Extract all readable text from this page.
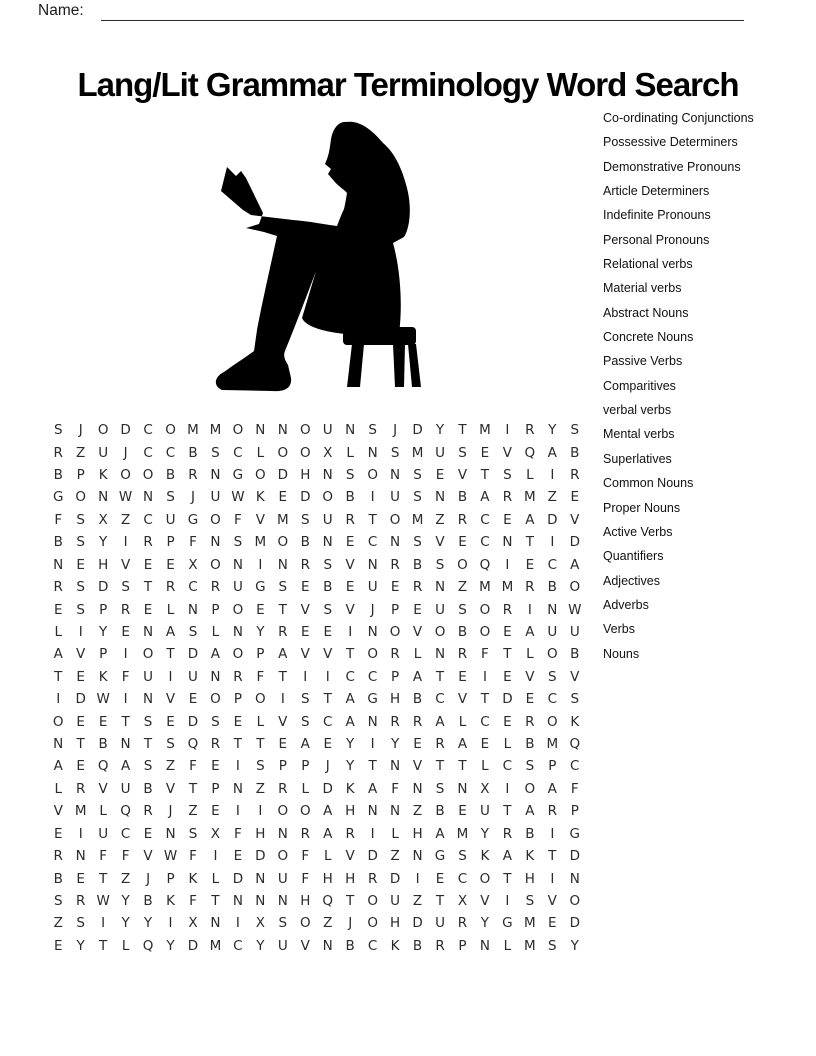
Name:
Lang/Lit Grammar Terminology Word Search
Co-ordinating Conjunctions
Possessive Determiners
Demonstrative Pronouns
Article Determiners
Indefinite Pronouns
Personal Pronouns
Relational verbs
Material verbs
Abstract Nouns
Concrete Nouns
Passive Verbs
Comparitives
verbal verbs
Mental verbs
Superlatives
Common Nouns
Proper Nouns
Active Verbs
Quantifiers
Adjectives
Adverbs
Verbs
Nouns
S	J	O D C O M M O N N O U N S	J	D Y	T M	I	R	Y	S
R Z U	J	C C B	S C	L O O X	L	N S M U S	E	V Q A B
B	P	K O O B R N G O D H N S O N S	E	V	T	S	L	I	R
G O N W N S	J	U W K	E D O B	I	U S N B A R M Z	E
F	S	X Z C U G O F	V M S U R	T O M Z R C E	A D V
B	S	Y	I	R	P	F	N S M O B N E C N S	V	E C N T	I	D
N E H V	E	E	X O N	I	N R S	V N R B	S O Q	I	E C A
R S D S	T	R C R U G S	E	B	E U E	R N Z M M R B O
E	S	P	R E	L	N P O E	T	V	S	V	J	P	E U S O R	I	N W
L	I	Y	E N A	S	L	N Y	R	E	E	I	N O V O B O E	A U U
A V	P	I	O T D A O P	A V V	T O R	L	N R	F	T	L O B
T	E	K	F	U	I	U N R	F	T	I	I	C C	P	A	T	E	I	E	V	S	V
I	D W	I	N V	E O P O	I	S	T	A G H B C V	T D E C S
O E	E	T	S	E D S	E	L	V	S C A N R R A	L	C E	R O K
N T	B N T	S Q R	T	T	E	A	E	Y	I	Y	E	R A	E	L	B M Q
A	E Q A	S	Z	F	E	I	S	P	P	J	Y	T N V	T	T	L	C S	P	C
L	R V U B V	T	P N Z R	L D K A	F	N S N X	I	O A	F
V M L Q R	J	Z	E	I	I	O O A H N N Z B	E U T	A R	P
E	I	U C E N S	X	F	H N R A R	I	L	H A M Y	R B	I	G
R N	F	F	V W F	I	E D O F	L	V D Z N G S	K A K	T D
B	E	T	Z	J	P	K	L	D N U	F	H H R D	I	E C O T H	I	N
S R W Y	B K	F	T N N N H Q T O U Z	T	X V	I	S	V O
Z	S	I	Y	Y	I	X N	I	X	S O Z	J	O H D U R	Y G M E D
E	Y	T	L Q Y D M C	Y U V N B C K B R	P N	L M S	Y
